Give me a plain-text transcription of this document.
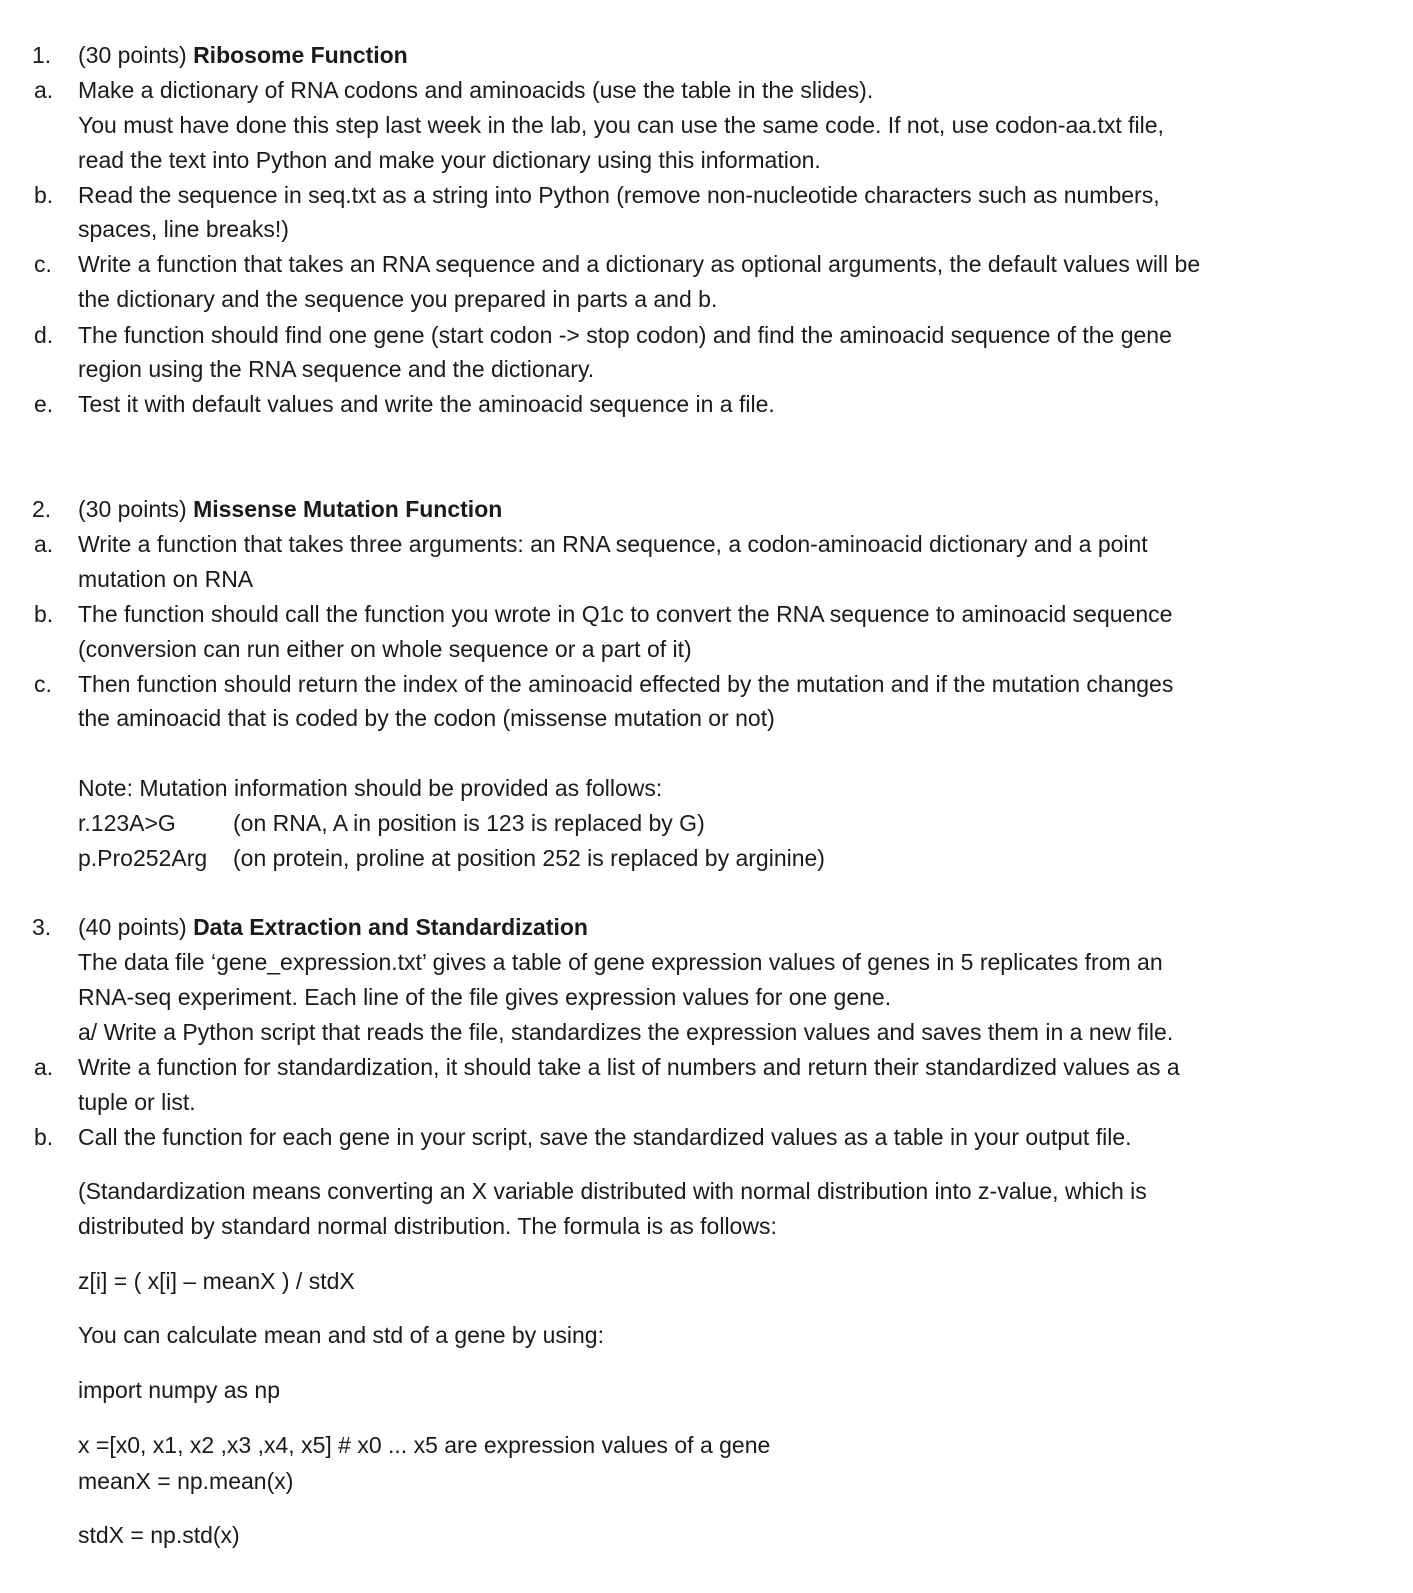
1. (30 points) Ribosome Function
a. Make a dictionary of RNA codons and aminoacids (use the table in the slides).
You must have done this step last week in the lab, you can use the same code. If not, use codon-aa.txt file,
read the text into Python and make your dictionary using this information.
b. Read the sequence in seq.txt as a string into Python (remove non-nucleotide characters such as numbers,
spaces, line breaks!)
c. Write a function that takes an RNA sequence and a dictionary as optional arguments, the default values will be
the dictionary and the sequence you prepared in parts a and b.
d. The function should find one gene (start codon -> stop codon) and find the aminoacid sequence of the gene
region using the RNA sequence and the dictionary.
e. Test it with default values and write the aminoacid sequence in a file.
2. (30 points) Missense Mutation Function
a. Write a function that takes three arguments: an RNA sequence, a codon-aminoacid dictionary and a point
mutation on RNA
b. The function should call the function you wrote in Q1c to convert the RNA sequence to aminoacid sequence
(conversion can run either on whole sequence or a part of it)
c. Then function should return the index of the aminoacid effected by the mutation and if the mutation changes
the aminoacid that is coded by the codon (missense mutation or not)
Note: Mutation information should be provided as follows:
r.123A>G (on RNA, A in position is 123 is replaced by G)
p.Pro252Arg (on protein, proline at position 252 is replaced by arginine)
3. (40 points) Data Extraction and Standardization
The data file ‘gene_expression.txt’ gives a table of gene expression values of genes in 5 replicates from an
RNA-seq experiment. Each line of the file gives expression values for one gene.
a/ Write a Python script that reads the file, standardizes the expression values and saves them in a new file.
a. Write a function for standardization, it should take a list of numbers and return their standardized values as a
tuple or list.
b. Call the function for each gene in your script, save the standardized values as a table in your output file.
(Standardization means converting an X variable distributed with normal distribution into z-value, which is
distributed by standard normal distribution. The formula is as follows:
z[i] = ( x[i] – meanX ) / stdX
You can calculate mean and std of a gene by using:
import numpy as np
x =[x0, x1, x2 ,x3 ,x4, x5] # x0 ... x5 are expression values of a gene
meanX = np.mean(x)
stdX = np.std(x)
